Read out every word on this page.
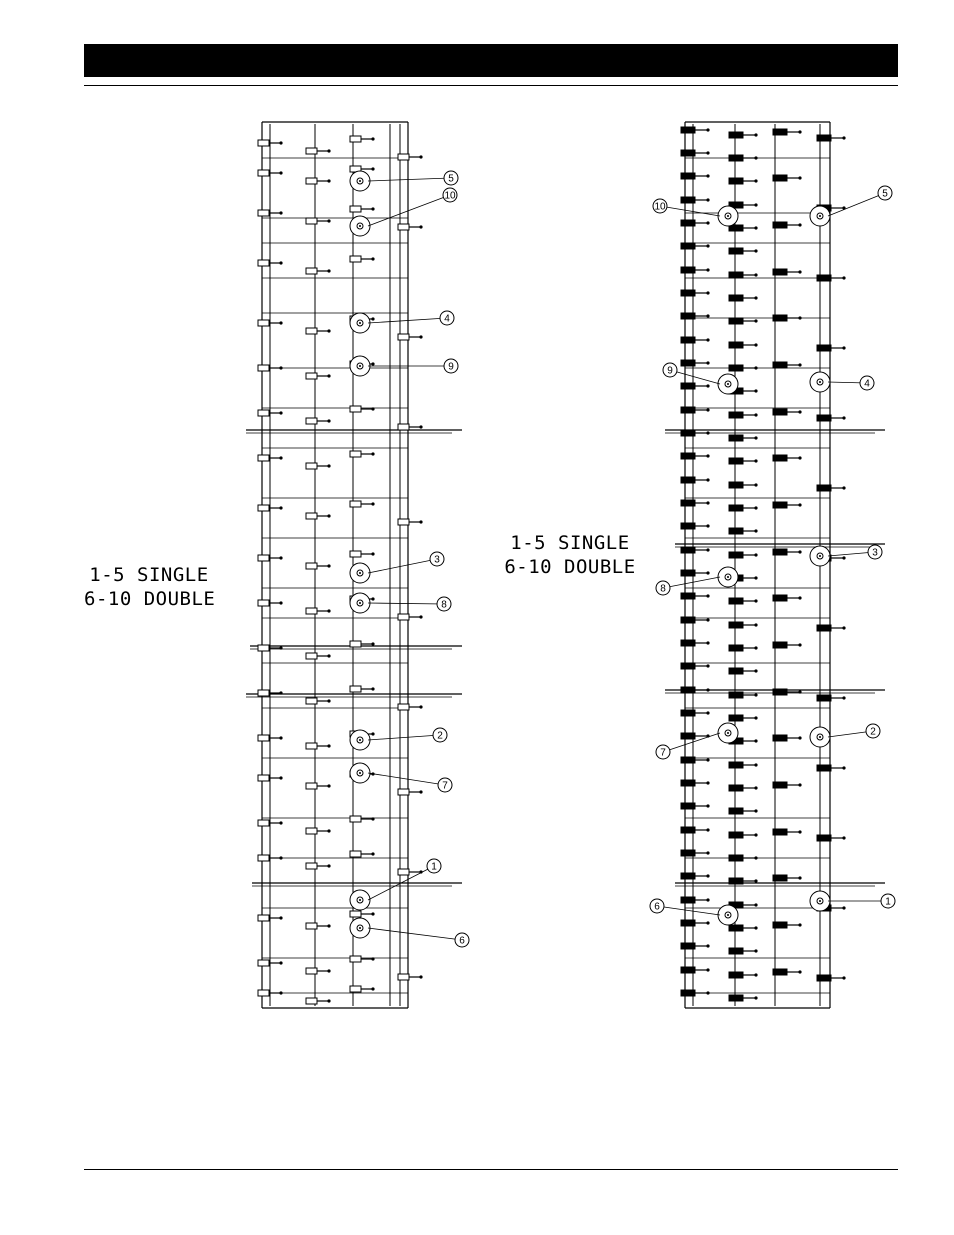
1-5 SINGLE
6-10 DOUBLE
1-5 SINGLE
6-10 DOUBLE
5
10
4
9
3
8
2
7
1
6
10
5
9
4
3
8
7
2
6	1
